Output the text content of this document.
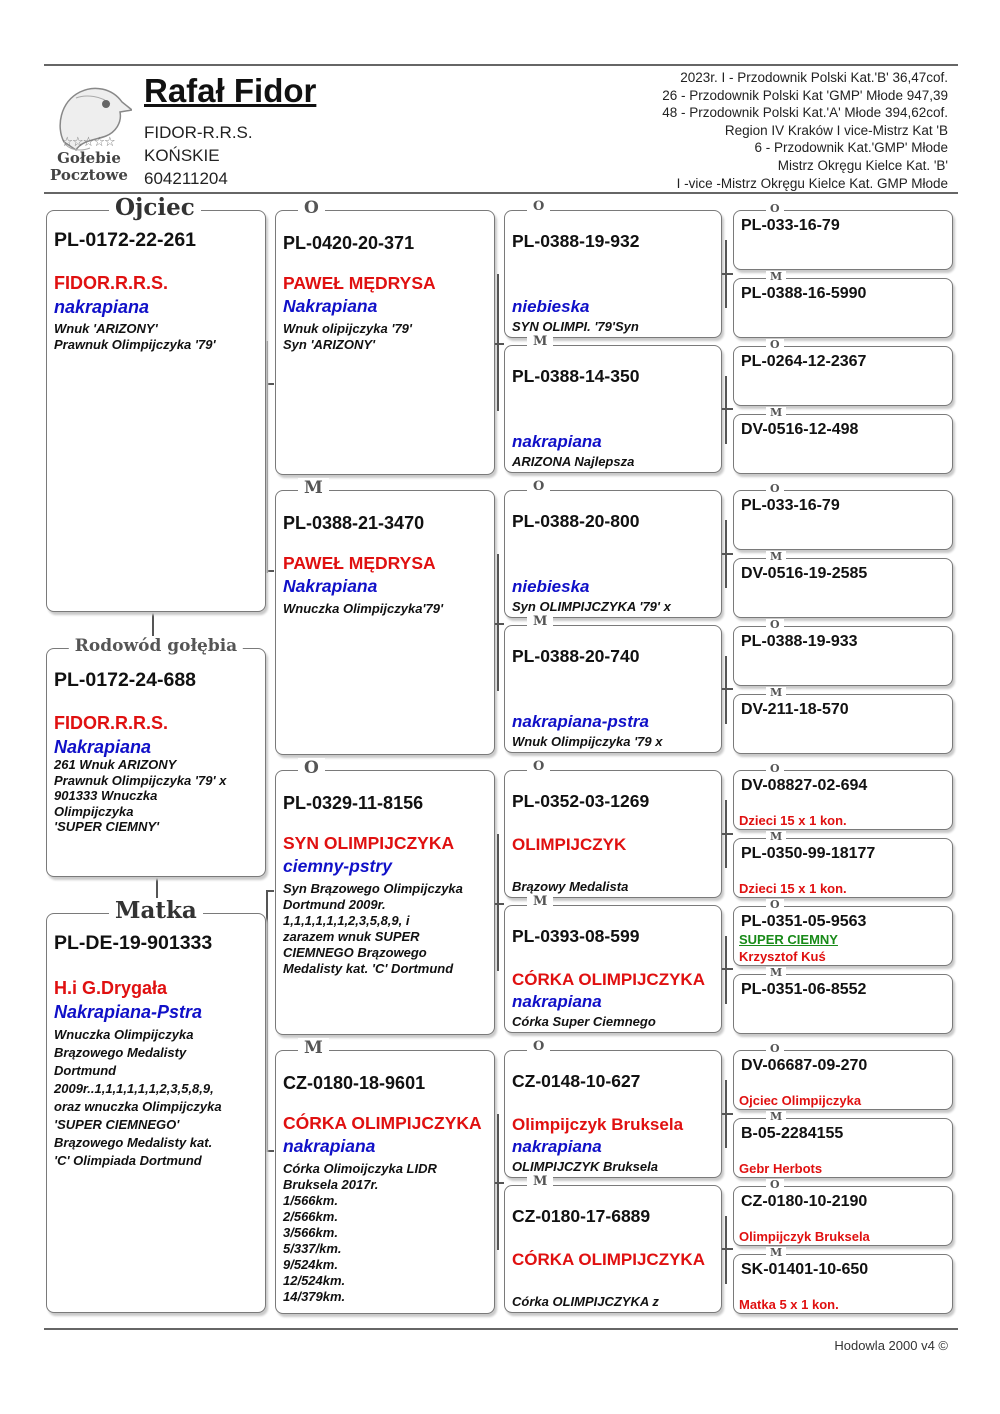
☆☆☆☆☆
Gołebie
Pocztowe
Rafał Fidor
FIDOR-R.R.S.
KOŃSKIE
604211204
2023r. I - Przodownik Polski Kat.'B' 36,47cof.
26 - Przodownik Polski Kat 'GMP' Młode 947,39
48 - Przodownik Polski Kat.'A' Młode 394,62cof.
Region IV Kraków I vice-Mistrz Kat 'B
6 - Przodownik Kat.'GMP' Młode
Mistrz Okręgu Kielce Kat. 'B'
I -vice -Mistrz Okręgu Kielce Kat. GMP Młode
Ojciec
PL-0172-22-261
FIDOR.R.R.S.
nakrapiana
Wnuk 'ARIZONY'
Prawnuk Olimpijczyka '79'
Rodowód gołębia
PL-0172-24-688
FIDOR.R.R.S.
Nakrapiana
261 Wnuk ARIZONY
Prawnuk Olimpijczyka '79' x
901333 Wnuczka
Olimpijczyka
'SUPER CIEMNY'
Matka
PL-DE-19-901333
H.i G.Drygała
Nakrapiana-Pstra
Wnuczka Olimpijczyka
Brązowego Medalisty
Dortmund
2009r..1,1,1,1,1,1,2,3,5,8,9,
oraz wnuczka Olimpijczyka
'SUPER CIEMNEGO'
Brązowego Medalisty kat.
'C' Olimpiada Dortmund
O
PL-0420-20-371
PAWEŁ MĘDRYSA
Nakrapiana
Wnuk olipijczyka '79'
Syn 'ARIZONY'
M
PL-0388-21-3470
PAWEŁ MĘDRYSA
Nakrapiana
Wnuczka Olimpijczyka'79'
O
PL-0329-11-8156
SYN OLIMPIJCZYKA
ciemny-pstry
Syn Brązowego Olimpijczyka
Dortmund 2009r.
1,1,1,1,1,1,2,3,5,8,9, i
zarazem wnuk SUPER
CIEMNEGO Brązowego
Medalisty kat. 'C' Dortmund
M
CZ-0180-18-9601
CÓRKA OLIMPIJCZYKA
nakrapiana
Córka Olimoijczyka LIDR
Bruksela 2017r.
1/566km.
2/566km.
3/566km.
5/337/km.
9/524km.
12/524km.
14/379km.
O
PL-0388-19-932
niebieska
SYN OLIMPI. '79'Syn
M
PL-0388-14-350
nakrapiana
ARIZONA Najlepsza
O
PL-0388-20-800
niebieska
Syn OLIMPIJCZYKA '79' x
M
PL-0388-20-740
nakrapiana-pstra
Wnuk Olimpijczyka '79 x
O
PL-0352-03-1269
OLIMPIJCZYK
Brązowy Medalista
M
PL-0393-08-599
CÓRKA OLIMPIJCZYKA
nakrapiana
Córka Super Ciemnego
O
CZ-0148-10-627
Olimpijczyk Bruksela
nakrapiana
OLIMPIJCZYK Bruksela
M
CZ-0180-17-6889
CÓRKA OLIMPIJCZYKA
Córka OLIMPIJCZYKA z
O
PL-033-16-79
M
PL-0388-16-5990
O
PL-0264-12-2367
M
DV-0516-12-498
O
PL-033-16-79
M
DV-0516-19-2585
O
PL-0388-19-933
M
DV-211-18-570
O
DV-08827-02-694
Dzieci 15 x 1 kon.
M
PL-0350-99-18177
Dzieci 15 x 1 kon.
O
PL-0351-05-9563
SUPER CIEMNY
Krzysztof Kuś
M
PL-0351-06-8552
O
DV-06687-09-270
Ojciec Olimpijczyka
M
B-05-2284155
Gebr Herbots
O
CZ-0180-10-2190
Olimpijczyk Bruksela
M
SK-01401-10-650
Matka 5 x 1 kon.
Hodowla 2000 v4 ©
